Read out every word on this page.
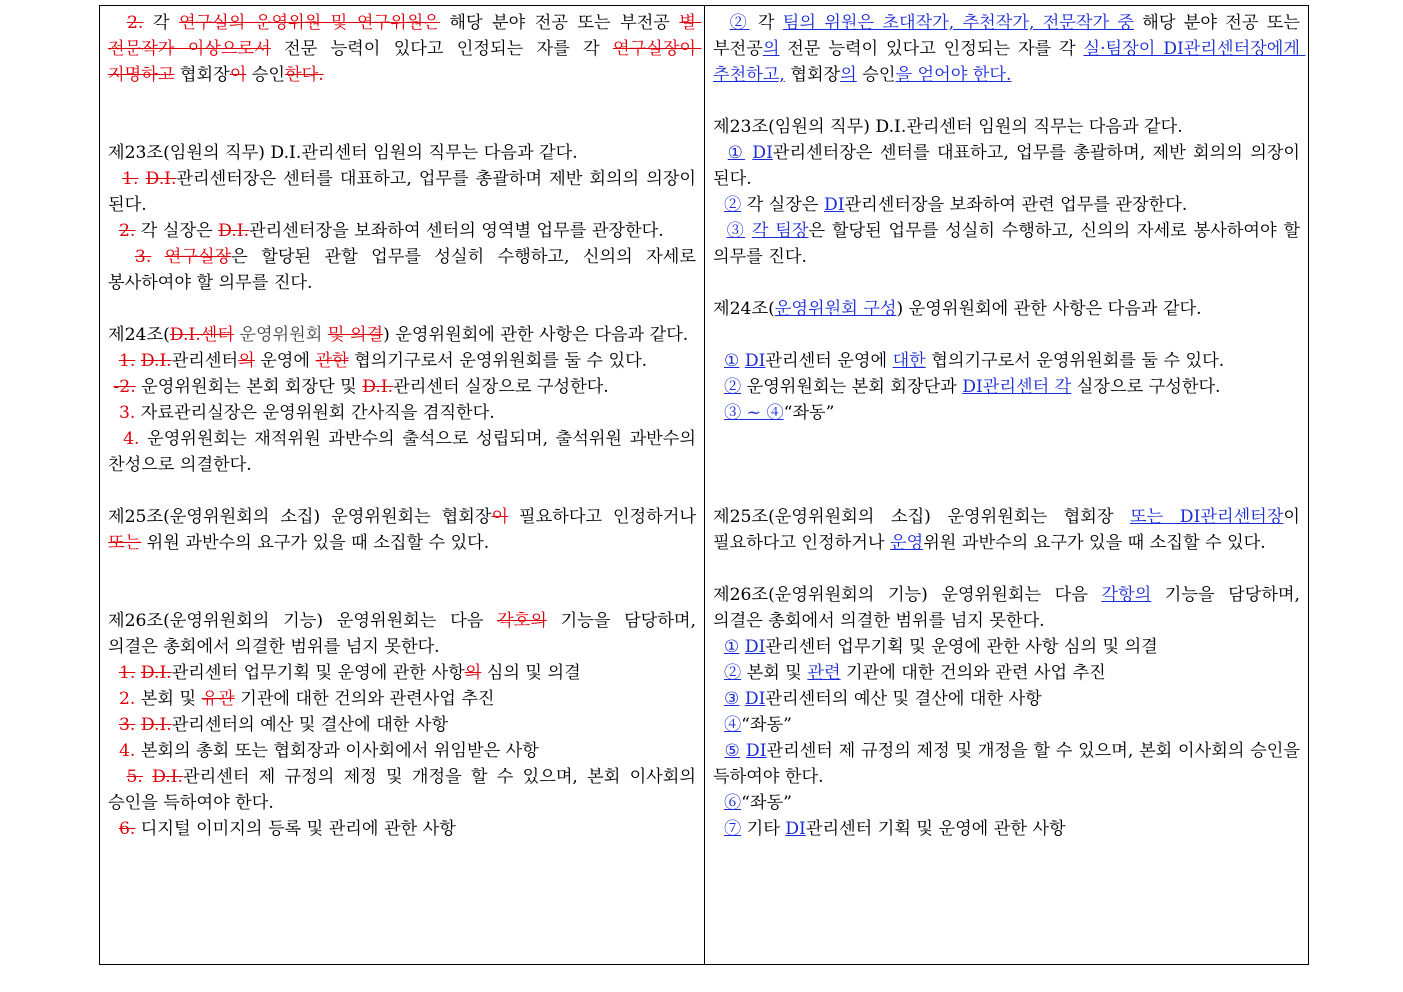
2. 각 연구실의 운영위원 및 연구위원은 해당 분야 전공 또는 부전공 별 전문작가 이상으로서 전문 능력이 있다고 인정되는 자를 각 연구실장이 지명하고 협회장이 승인한다.
제23조(임원의 직무) D.I.관리센터 임원의 직무는 다음과 같다.
1. D.I.관리센터장은 센터를 대표하고, 업무를 총괄하며 제반 회의의 의장이 된다.
2. 각 실장은 D.I.관리센터장을 보좌하여 센터의 영역별 업무를 관장한다.
3. 연구실장은 할당된 관할 업무를 성실히 수행하고, 신의의 자세로 봉사하여야 할 의무를 진다.
제24조(D.I.센터 운영위원회 및 의결) 운영위원회에 관한 사항은 다음과 같다.
1. D.I.관리센터의 운영에 관한 협의기구로서 운영위원회를 둘 수 있다.
-2. 운영위원회는 본회 회장단 및 D.I.관리센터 실장으로 구성한다.
3. 자료관리실장은 운영위원회 간사직을 겸직한다.
4. 운영위원회는 재적위원 과반수의 출석으로 성립되며, 출석위원 과반수의 찬성으로 의결한다.
제25조(운영위원회의 소집) 운영위원회는 협회장이 필요하다고 인정하거나 또는 위원 과반수의 요구가 있을 때 소집할 수 있다.
제26조(운영위원회의 기능) 운영위원회는 다음 각호의 기능을 담당하며, 의결은 총회에서 의결한 범위를 넘지 못한다.
1. D.I.관리센터 업무기획 및 운영에 관한 사항의 심의 및 의결
2. 본회 및 유관 기관에 대한 건의와 관련사업 추진
3. D.I.관리센터의 예산 및 결산에 대한 사항
4. 본회의 총회 또는 협회장과 이사회에서 위임받은 사항
5. D.I.관리센터 제 규정의 제정 및 개정을 할 수 있으며, 본회 이사회의 승인을 득하여야 한다.
6. 디지털 이미지의 등록 및 관리에 관한 사항
② 각 팀의 위원은 초대작가, 추천작가, 전문작가 중 해당 분야 전공 또는 부전공의 전문 능력이 있다고 인정되는 자를 각 실·팀장이 DI관리센터장에게 추천하고, 협회장의 승인을 얻어야 한다.
제23조(임원의 직무) D.I.관리센터 임원의 직무는 다음과 같다.
① DI관리센터장은 센터를 대표하고, 업무를 총괄하며, 제반 회의의 의장이 된다.
② 각 실장은 DI관리센터장을 보좌하여 관련 업무를 관장한다.
③ 각 팀장은 할당된 업무를 성실히 수행하고, 신의의 자세로 봉사하여야 할 의무를 진다.
제24조(운영위원회 구성) 운영위원회에 관한 사항은 다음과 같다.
① DI관리센터 운영에 대한 협의기구로서 운영위원회를 둘 수 있다.
② 운영위원회는 본회 회장단과 DI관리센터 각 실장으로 구성한다.
③ ~ ④“좌동”
제25조(운영위원회의 소집) 운영위원회는 협회장 또는 DI관리센터장이 필요하다고 인정하거나 운영위원 과반수의 요구가 있을 때 소집할 수 있다.
제26조(운영위원회의 기능) 운영위원회는 다음 각항의 기능을 담당하며, 의결은 총회에서 의결한 범위를 넘지 못한다.
① DI관리센터 업무기획 및 운영에 관한 사항 심의 및 의결
② 본회 및 관련 기관에 대한 건의와 관련 사업 추진
③ DI관리센터의 예산 및 결산에 대한 사항
④“좌동”
⑤ DI관리센터 제 규정의 제정 및 개정을 할 수 있으며, 본회 이사회의 승인을 득하여야 한다.
⑥“좌동”
⑦ 기타 DI관리센터 기획 및 운영에 관한 사항
